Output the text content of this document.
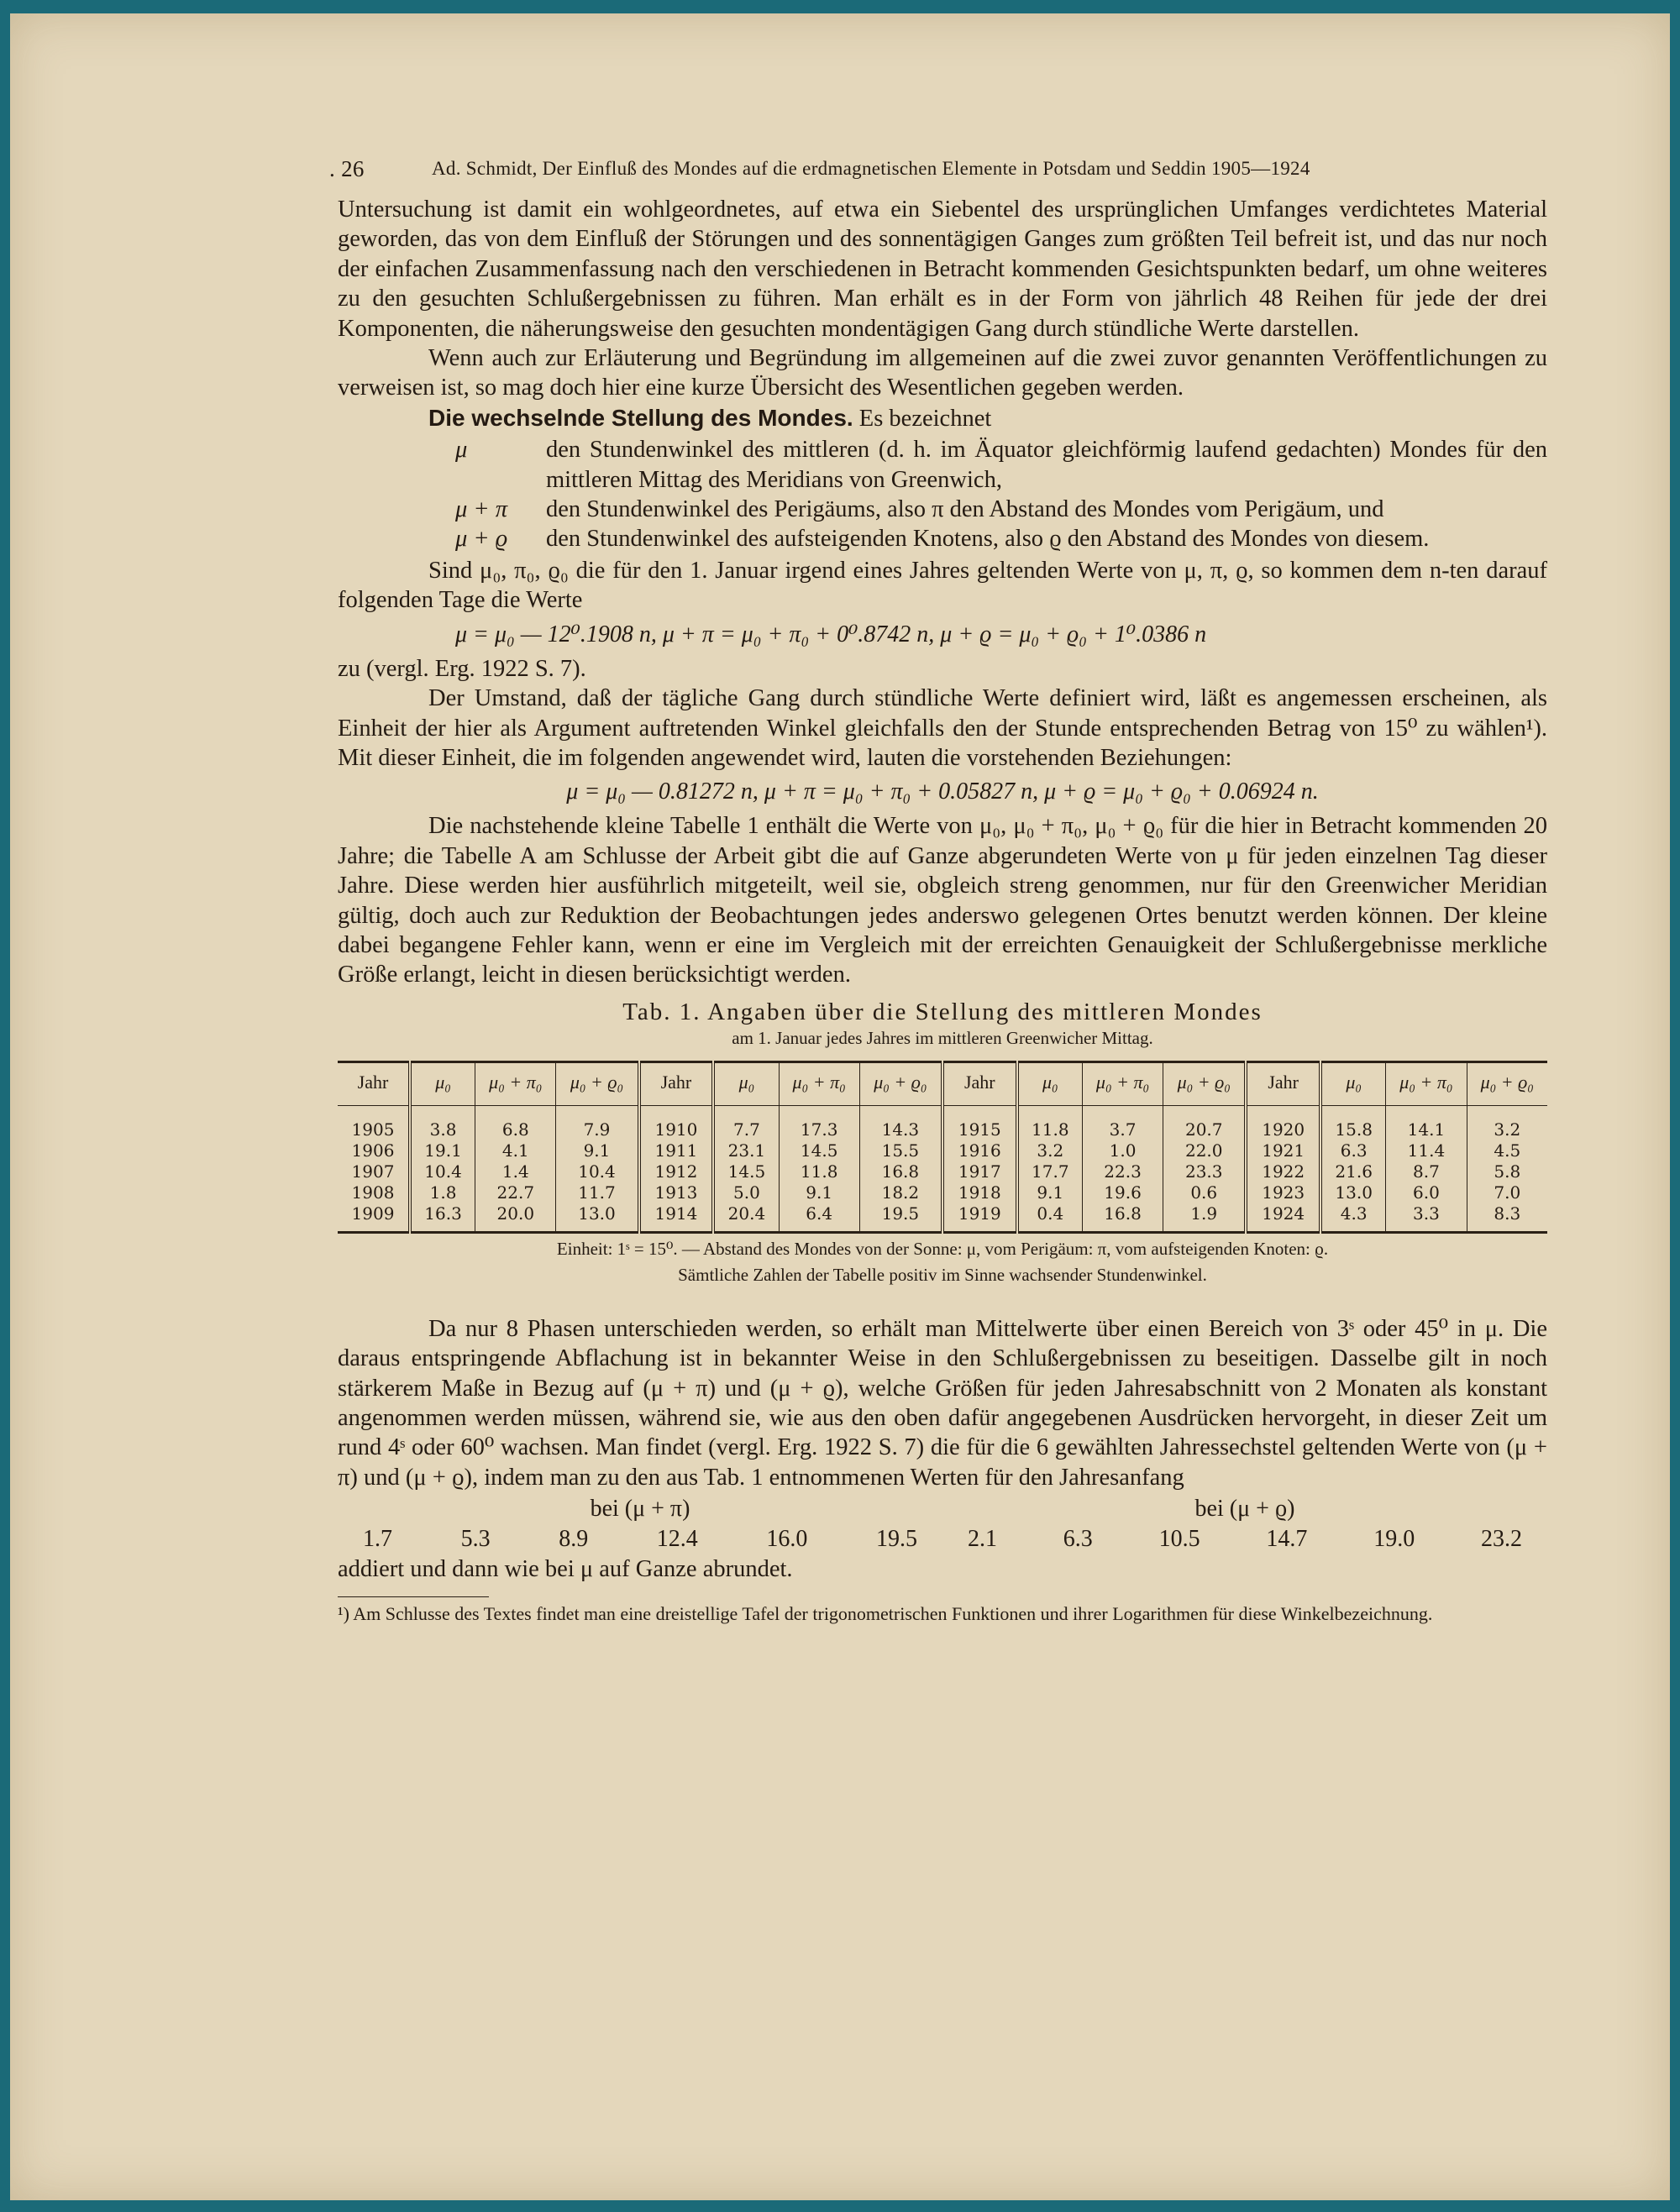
. 26	Ad. Schmidt, Der Einfluß des Mondes auf die erdmagnetischen Elemente in Potsdam und Seddin 1905—1924

Untersuchung ist damit ein wohlgeordnetes, auf etwa ein Siebentel des ursprünglichen Umfanges verdichtetes Material geworden, das von dem Einfluß der Störungen und des sonnentägigen Ganges zum größten Teil befreit ist, und das nur noch der einfachen Zusammenfassung nach den verschiedenen in Betracht kommenden Gesichtspunkten bedarf, um ohne weiteres zu den gesuchten Schlußergebnissen zu führen. Man erhält es in der Form von jährlich 48 Reihen für jede der drei Komponenten, die näherungsweise den gesuchten mondentägigen Gang durch stündliche Werte darstellen.

Wenn auch zur Erläuterung und Begründung im allgemeinen auf die zwei zuvor genannten Veröffentlichungen zu verweisen ist, so mag doch hier eine kurze Übersicht des Wesentlichen gegeben werden.

Die wechselnde Stellung des Mondes. Es bezeichnet

μ	den Stundenwinkel des mittleren (d. h. im Äquator gleichförmig laufend gedachten) Mondes für den mittleren Mittag des Meridians von Greenwich,
μ + π	den Stundenwinkel des Perigäums, also π den Abstand des Mondes vom Perigäum, und
μ + ϱ	den Stundenwinkel des aufsteigenden Knotens, also ϱ den Abstand des Mondes von diesem.

Sind μ₀, π₀, ϱ₀ die für den 1. Januar irgend eines Jahres geltenden Werte von μ, π, ϱ, so kommen dem n-ten darauf folgenden Tage die Werte

μ = μ₀ — 12⁰.1908 n, μ + π = μ₀ + π₀ + 0⁰.8742 n, μ + ϱ = μ₀ + ϱ₀ + 1⁰.0386 n

zu (vergl. Erg. 1922 S. 7).

Der Umstand, daß der tägliche Gang durch stündliche Werte definiert wird, läßt es angemessen erscheinen, als Einheit der hier als Argument auftretenden Winkel gleichfalls den der Stunde entsprechenden Betrag von 15⁰ zu wählen¹). Mit dieser Einheit, die im folgenden angewendet wird, lauten die vorstehenden Beziehungen:

μ = μ₀ — 0.81272 n, μ + π = μ₀ + π₀ + 0.05827 n, μ + ϱ = μ₀ + ϱ₀ + 0.06924 n.

Die nachstehende kleine Tabelle 1 enthält die Werte von μ₀, μ₀ + π₀, μ₀ + ϱ₀ für die hier in Betracht kommenden 20 Jahre; die Tabelle A am Schlusse der Arbeit gibt die auf Ganze abgerundeten Werte von μ für jeden einzelnen Tag dieser Jahre. Diese werden hier ausführlich mitgeteilt, weil sie, obgleich streng genommen, nur für den Greenwicher Meridian gültig, doch auch zur Reduktion der Beobachtungen jedes anderswo gelegenen Ortes benutzt werden können. Der kleine dabei begangene Fehler kann, wenn er eine im Vergleich mit der erreichten Genauigkeit der Schlußergebnisse merkliche Größe erlangt, leicht in diesen berücksichtigt werden.

Tab. 1. Angaben über die Stellung des mittleren Mondes
am 1. Januar jedes Jahres im mittleren Greenwicher Mittag.
Jahr	μ₀	μ₀ + π₀	μ₀ + ϱ₀	Jahr	μ₀	μ₀ + π₀	μ₀ + ϱ₀	Jahr	μ₀	μ₀ + π₀	μ₀ + ϱ₀	Jahr	μ₀	μ₀ + π₀	μ₀ + ϱ₀
1905	3.8	6.8	7.9	1910	7.7	17.3	14.3	1915	11.8	3.7	20.7	1920	15.8	14.1	3.2
1906	19.1	4.1	9.1	1911	23.1	14.5	15.5	1916	3.2	1.0	22.0	1921	6.3	11.4	4.5
1907	10.4	1.4	10.4	1912	14.5	11.8	16.8	1917	17.7	22.3	23.3	1922	21.6	8.7	5.8
1908	1.8	22.7	11.7	1913	5.0	9.1	18.2	1918	9.1	19.6	0.6	1923	13.0	6.0	7.0
1909	16.3	20.0	13.0	1914	20.4	6.4	19.5	1919	0.4	16.8	1.9	1924	4.3	3.3	8.3
Einheit: 1ˢ = 15⁰. — Abstand des Mondes von der Sonne: μ, vom Perigäum: π, vom aufsteigenden Knoten: ϱ.
Sämtliche Zahlen der Tabelle positiv im Sinne wachsender Stundenwinkel.

Da nur 8 Phasen unterschieden werden, so erhält man Mittelwerte über einen Bereich von 3ˢ oder 45⁰ in μ. Die daraus entspringende Abflachung ist in bekannter Weise in den Schlußergebnissen zu beseitigen. Dasselbe gilt in noch stärkerem Maße in Bezug auf (μ + π) und (μ + ϱ), welche Größen für jeden Jahresabschnitt von 2 Monaten als konstant angenommen werden müssen, während sie, wie aus den oben dafür angegebenen Ausdrücken hervorgeht, in dieser Zeit um rund 4ˢ oder 60⁰ wachsen. Man findet (vergl. Erg. 1922 S. 7) die für die 6 gewählten Jahressechstel geltenden Werte von (μ + π) und (μ + ϱ), indem man zu den aus Tab. 1 entnommenen Werten für den Jahresanfang

bei (μ + π)
1.7	5.3	8.9	12.4	16.0	19.5
bei (μ + ϱ)
2.1	6.3	10.5	14.7	19.0	23.2

addiert und dann wie bei μ auf Ganze abrundet.

¹) Am Schlusse des Textes findet man eine dreistellige Tafel der trigonometrischen Funktionen und ihrer Logarithmen für diese Winkelbezeichnung.
